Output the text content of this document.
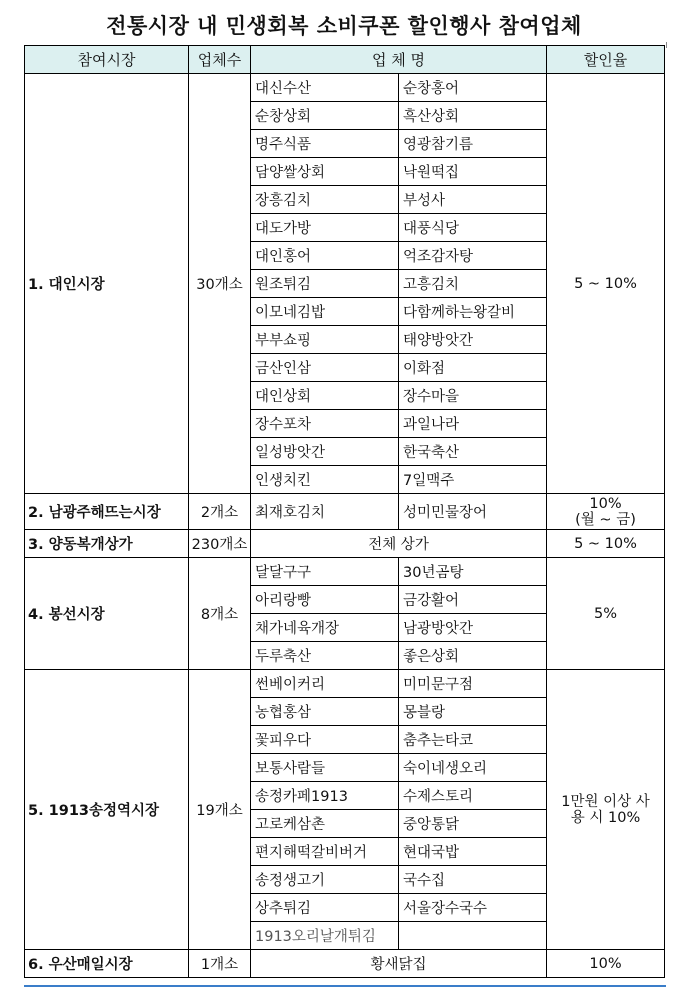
전통시장 내 민생회복 소비쿠폰 할인행사 참여업체
참여시장	업체수	업 체 명		할인율
1. 대인시장	30개소	대신수산	순창홍어	5 ~ 10%
		순창상회	흑산상회	
		명주식품	영광참기름	
		담양쌀상회	낙원떡집	
		장흥김치	부성사	
		대도가방	대풍식당	
		대인홍어	억조감자탕	
		원조튀김	고흥김치	
		이모네김밥	다함께하는왕갈비	
		부부쇼핑	태양방앗간	
		금산인삼	이화점	
		대인상회	장수마을	
		장수포차	과일나라	
		일성방앗간	한국축산	
		인생치킨	7일맥주	
2. 남광주해뜨는시장	2개소	최재호김치	성미민물장어	10%
(월 ~ 금)

3. 양동복개상가	230개소	전체 상가		5 ~ 10%
4. 봉선시장	8개소	달달구구	30년곰탕	5%
		아리랑빵	금강활어	
		채가네육개장	남광방앗간	
		두루축산	좋은상회	
5. 1913송정역시장	19개소	썬베이커리	미미문구점	1만원 이상 사
용 시 10%

		농협홍삼	몽블랑	
		꽃피우다	춤추는타코	
		보통사람들	숙이네생오리	
		송정카페1913	수제스토리	
		고로케삼촌	중앙통닭	
		편지해떡갈비버거	현대국밥	
		송정생고기	국수집	
		상추튀김	서울장수국수	
		1913오리날개튀김		
6. 우산매일시장	1개소	황새닭집		10%
